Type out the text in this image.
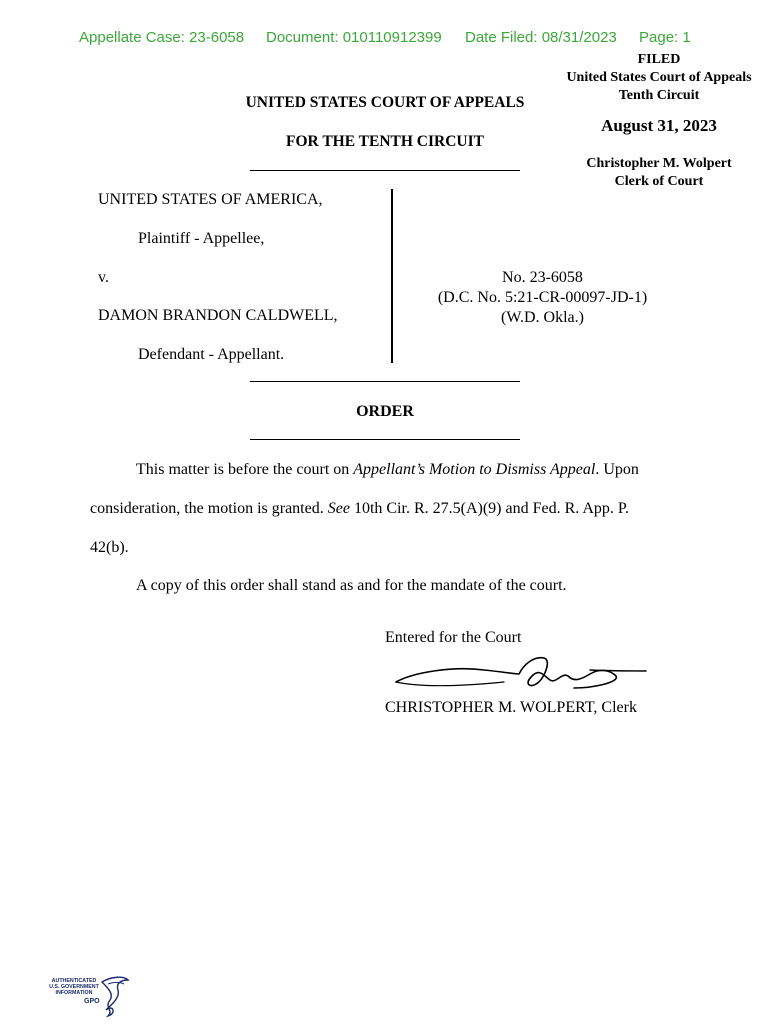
Appellate Case: 23-6058 Document: 010110912399 Date Filed: 08/31/2023 Page: 1
FILED
United States Court of Appeals
Tenth Circuit
August 31, 2023
Christopher M. Wolpert
Clerk of Court
UNITED STATES COURT OF APPEALS
FOR THE TENTH CIRCUIT
UNITED STATES OF AMERICA,
Plaintiff - Appellee,
v.
DAMON BRANDON CALDWELL,
Defendant - Appellant.
No. 23-6058
(D.C. No. 5:21-CR-00097-JD-1)
(W.D. Okla.)
ORDER
This matter is before the court on Appellant’s Motion to Dismiss Appeal. Upon
consideration, the motion is granted. See 10th Cir. R. 27.5(A)(9) and Fed. R. App. P.
42(b).
A copy of this order shall stand as and for the mandate of the court.
Entered for the Court
CHRISTOPHER M. WOLPERT, Clerk
AUTHENTICATED
U.S. GOVERNMENT
INFORMATION
GPO
